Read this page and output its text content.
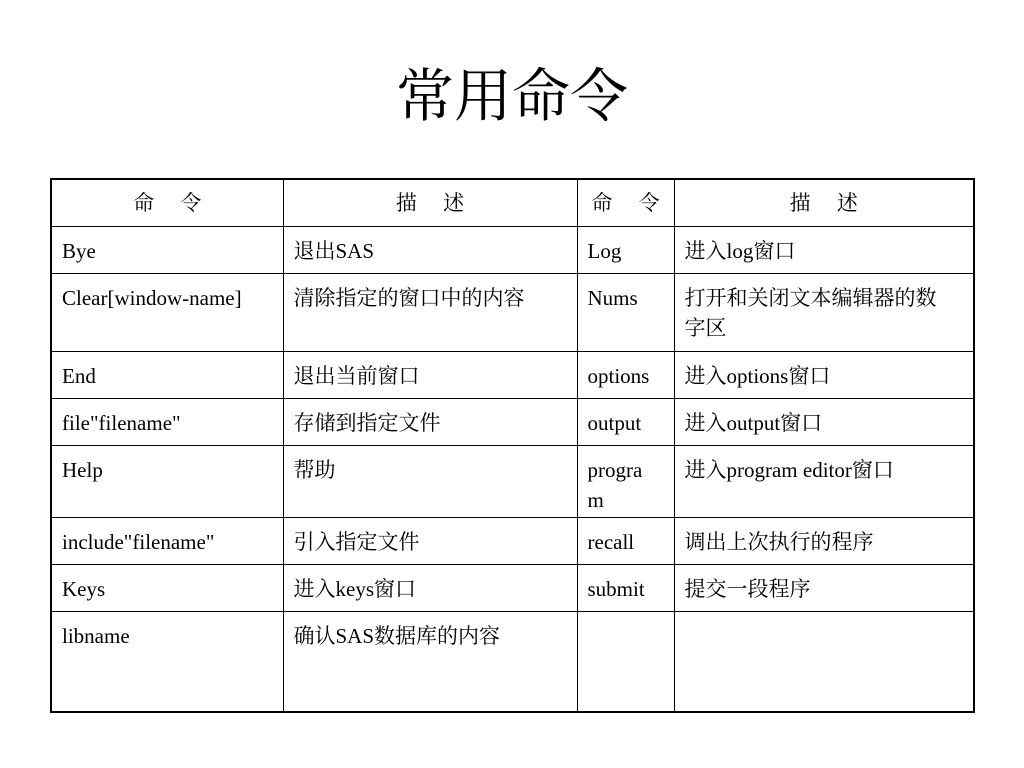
常用命令
命 令	描 述	命 令	描 述
Bye	退出SAS	Log	进入log窗口
Clear[window-name]	清除指定的窗口中的内容	Nums	打开和关闭文本编辑器的数字区
End	退出当前窗口	options	进入options窗口
file"filename"	存储到指定文件	output	进入output窗口
Help	帮助	program	进入program editor窗口
include"filename"	引入指定文件	recall	调出上次执行的程序
Keys	进入keys窗口	submit	提交一段程序
libname	确认SAS数据库的内容		
